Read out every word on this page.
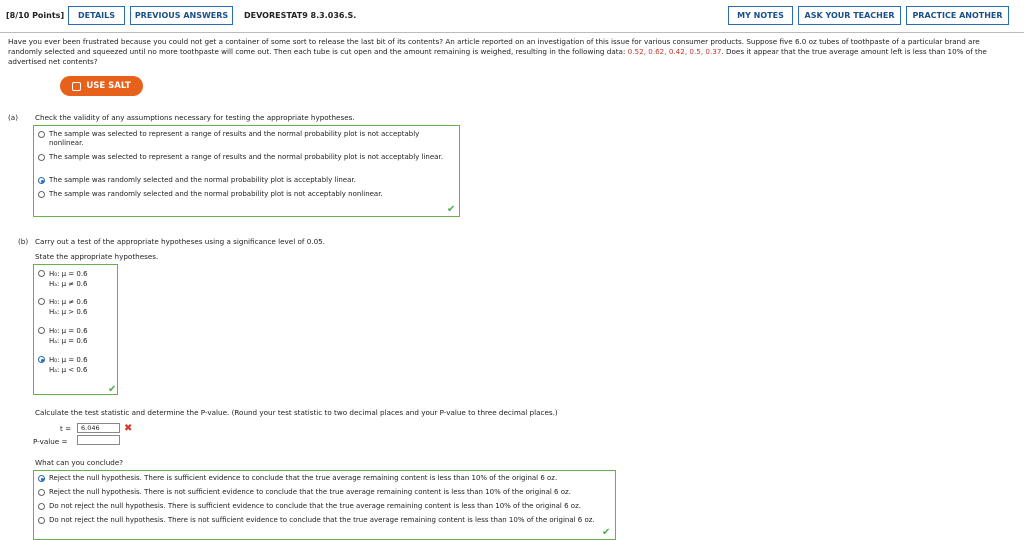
[8/10 Points]	DETAILS	PREVIOUS ANSWERS	DEVORESTAT9 8.3.036.S.	MY NOTES	ASK YOUR TEACHER	PRACTICE ANOTHER
Have you ever been frustrated because you could not get a container of some sort to release the last bit of its contents? An article reported on an investigation of this issue for various consumer products. Suppose five 6.0 oz tubes of toothpaste of a particular brand are randomly selected and squeezed until no more toothpaste will come out. Then each tube is cut open and the amount remaining is weighed, resulting in the following data: 0.52, 0.62, 0.42, 0.5, 0.37. Does it appear that the true average amount left is less than 10% of the advertised net contents?
USE SALT
(a) Check the validity of any assumptions necessary for testing the appropriate hypotheses.
The sample was selected to represent a range of results and the normal probability plot is not acceptably nonlinear.
The sample was selected to represent a range of results and the normal probability plot is not acceptably linear.
The sample was randomly selected and the normal probability plot is acceptably linear.
The sample was randomly selected and the normal probability plot is not acceptably nonlinear.
✔
(b) Carry out a test of the appropriate hypotheses using a significance level of 0.05.
State the appropriate hypotheses.
H₀: μ = 0.6
Hₐ: μ ≠ 0.6
H₀: μ ≠ 0.6
Hₐ: μ > 0.6
H₀: μ = 0.6
Hₐ: μ = 0.6
H₀: μ = 0.6
Hₐ: μ < 0.6
✔
Calculate the test statistic and determine the P-value. (Round your test statistic to two decimal places and your P-value to three decimal places.)
t =	6.046	✖
P-value =
What can you conclude?
Reject the null hypothesis. There is sufficient evidence to conclude that the true average remaining content is less than 10% of the original 6 oz.
Reject the null hypothesis. There is not sufficient evidence to conclude that the true average remaining content is less than 10% of the original 6 oz.
Do not reject the null hypothesis. There is sufficient evidence to conclude that the true average remaining content is less than 10% of the original 6 oz.
Do not reject the null hypothesis. There is not sufficient evidence to conclude that the true average remaining content is less than 10% of the original 6 oz.
✔
